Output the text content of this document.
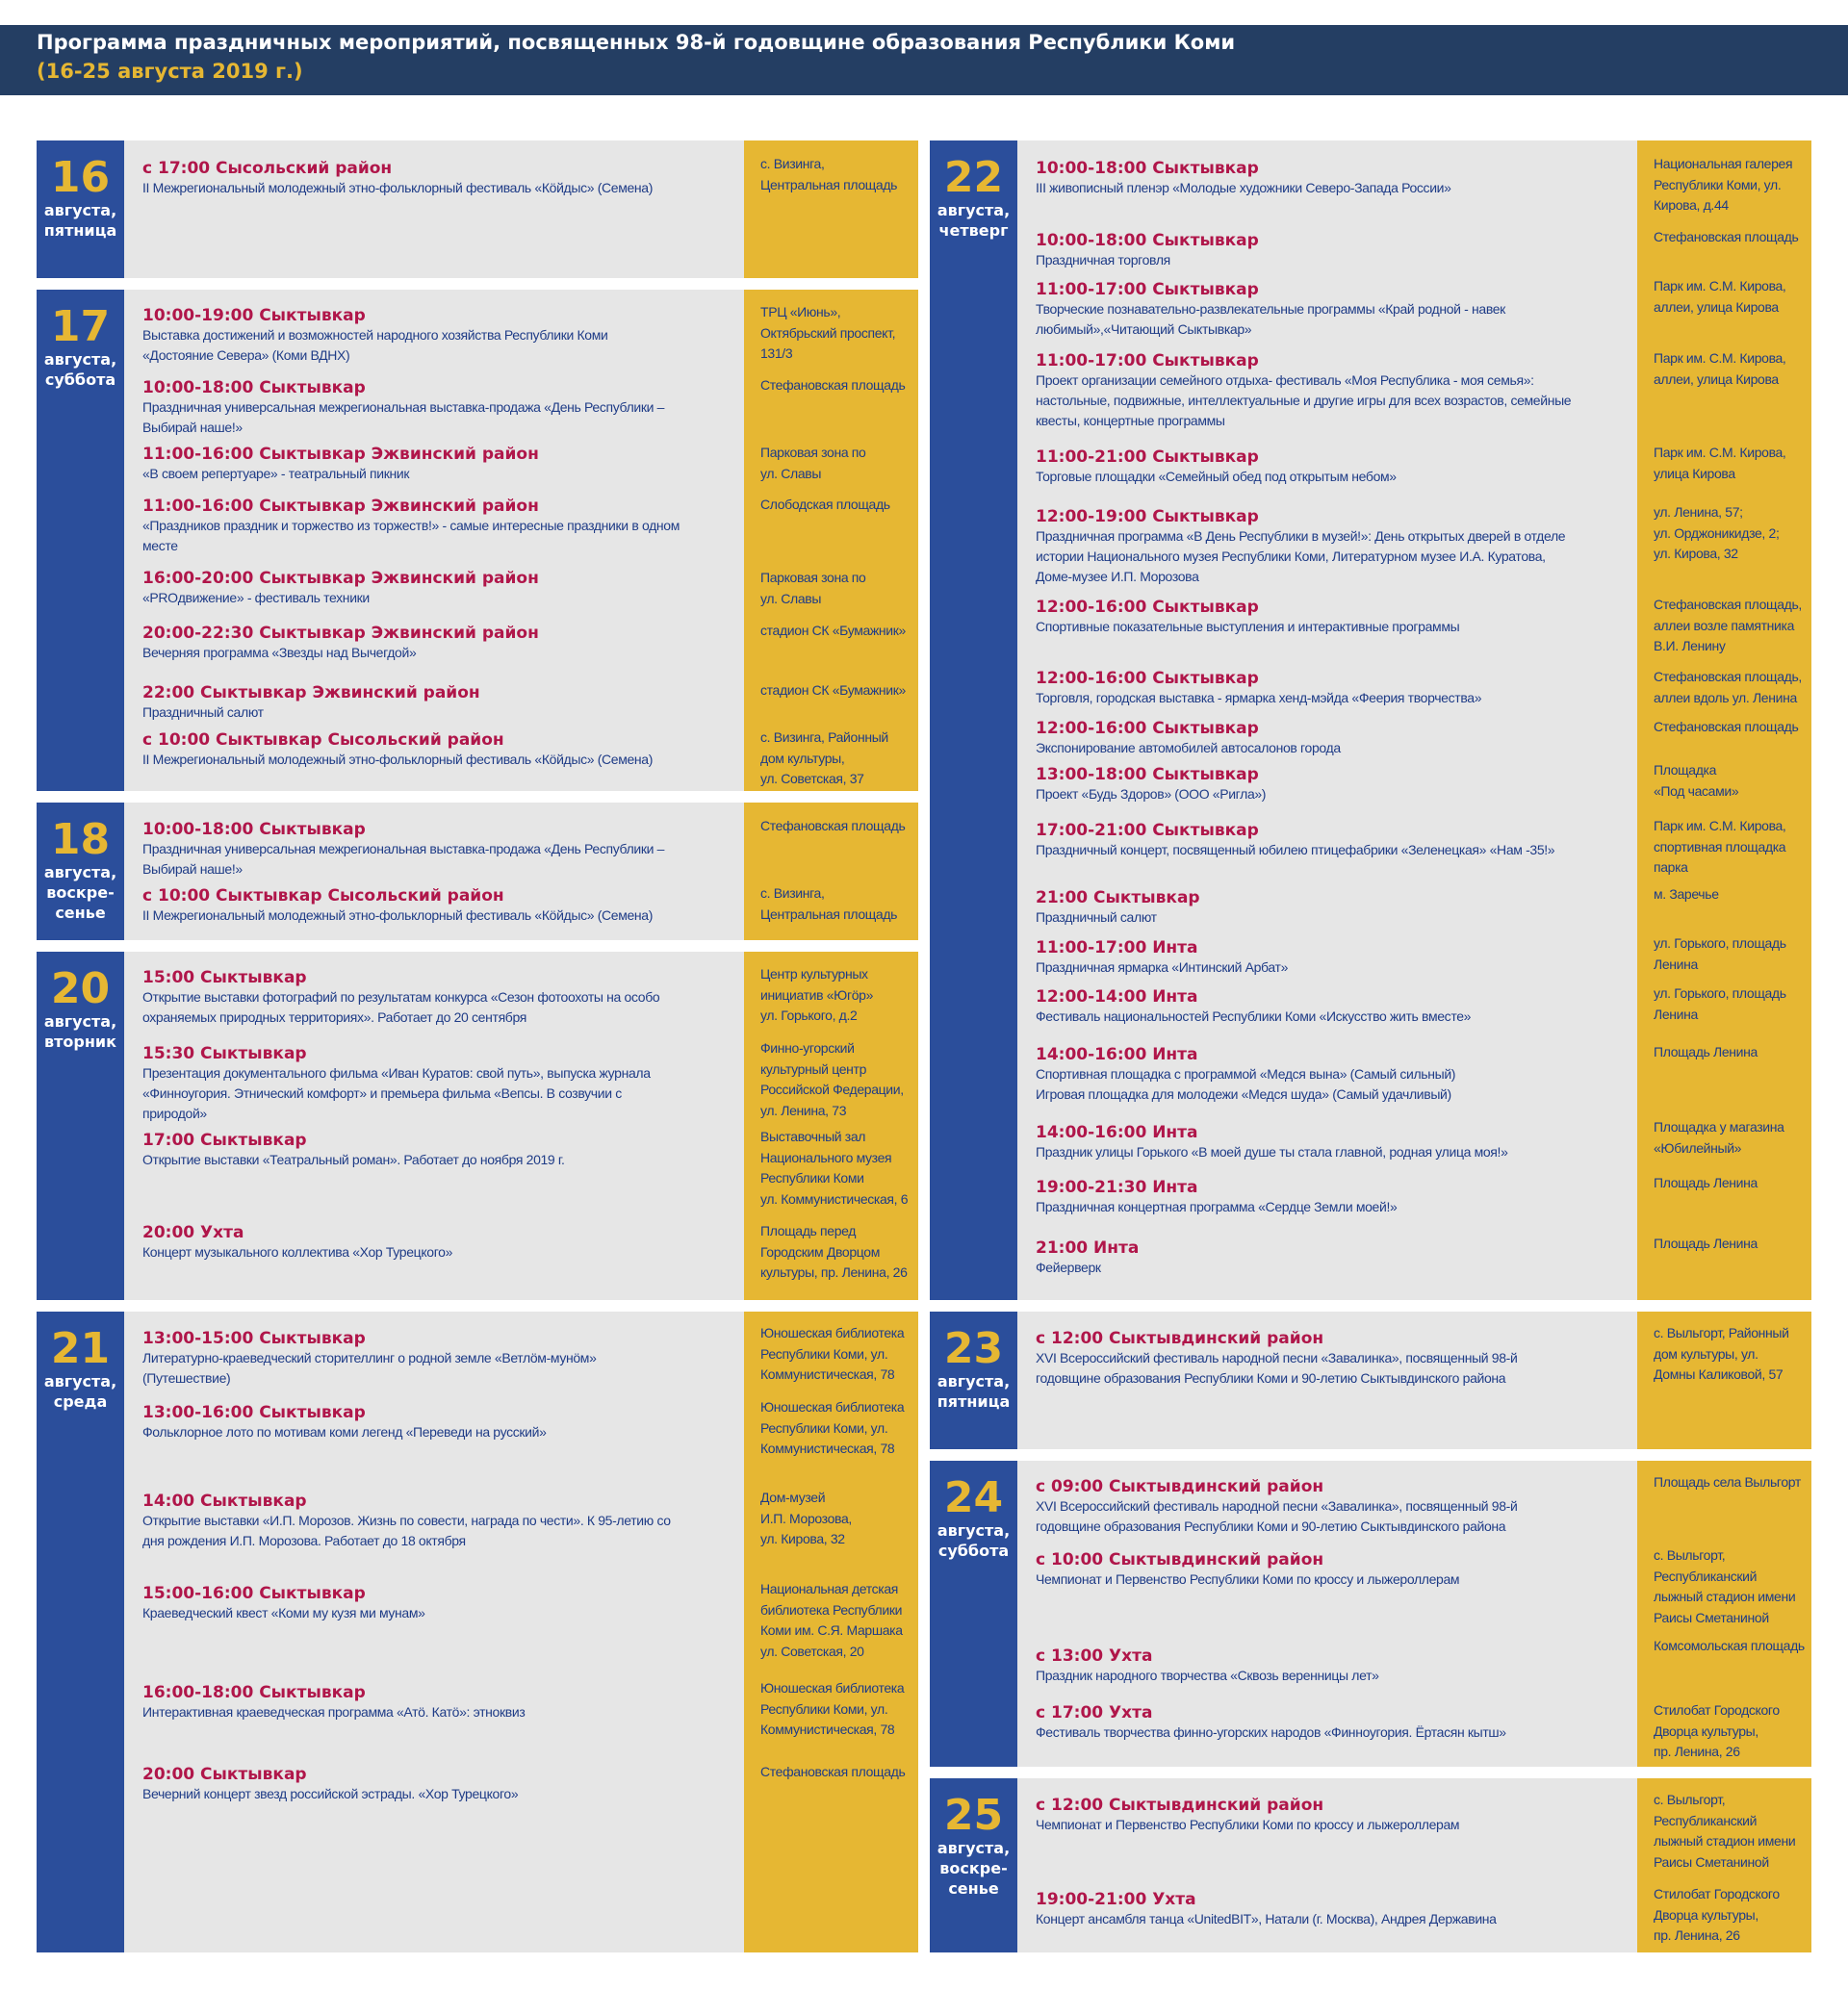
Программа праздничных мероприятий, посвященных 98-й годовщине образования Республики Коми
(16-25 августа 2019 г.)
16
августа,
пятница
с 17:00 Сысольский район
II Межрегиональный молодежный этно-фольклорный фестиваль «Кöйдыс» (Семена)
с. Визинга,
Центральная площадь
17
августа,
суббота
10:00-19:00 Сыктывкар
Выставка достижений и возможностей народного хозяйства Республики Коми «Достояние Севера» (Коми ВДНХ)
ТРЦ «Июнь»,
Октябрьский проспект,
131/3
10:00-18:00 Сыктывкар
Праздничная универсальная межрегиональная выставка-продажа «День Республики – Выбирай наше!»
Стефановская площадь
11:00-16:00 Сыктывкар Эжвинский район
«В своем репертуаре» - театральный пикник
Парковая зона по
ул. Славы
11:00-16:00 Сыктывкар Эжвинский район
«Праздников праздник и торжество из торжеств!» - самые интересные праздники в одном месте
Слободская площадь
16:00-20:00 Сыктывкар Эжвинский район
«PROдвижение» - фестиваль техники
Парковая зона по
ул. Славы
20:00-22:30 Сыктывкар Эжвинский район
Вечерняя программа «Звезды над Вычегдой»
стадион СК «Бумажник»
22:00 Сыктывкар Эжвинский район
Праздничный салют
стадион СК «Бумажник»
с 10:00 Сыктывкар Сысольский район
II Межрегиональный молодежный этно-фольклорный фестиваль «Кöйдыс» (Семена)
с. Визинга, Районный
дом культуры,
ул. Советская, 37
18
августа,
воскре-
сенье
10:00-18:00 Сыктывкар
Праздничная универсальная межрегиональная выставка-продажа «День Республики – Выбирай наше!»
Стефановская площадь
с 10:00 Сыктывкар Сысольский район
II Межрегиональный молодежный этно-фольклорный фестиваль «Кöйдыс» (Семена)
с. Визинга,
Центральная площадь
20
августа,
вторник
15:00 Сыктывкар
Открытие выставки фотографий по результатам конкурса «Сезон фотоохоты на особо охраняемых природных территориях». Работает до 20 сентября
Центр культурных
инициатив «Югöр»
ул. Горького, д.2
15:30 Сыктывкар
Презентация документального фильма «Иван Куратов: свой путь», выпуска журнала «Финноугория. Этнический комфорт» и премьера фильма «Вепсы. В созвучии с природой»
Финно-угорский
культурный центр
Российской Федерации,
ул. Ленина, 73
17:00 Сыктывкар
Открытие выставки «Театральный роман». Работает до ноября 2019 г.
Выставочный зал
Национального музея
Республики Коми
ул. Коммунистическая, 6
20:00 Ухта
Концерт музыкального коллектива «Хор Турецкого»
Площадь перед
Городским Дворцом
культуры, пр. Ленина, 26
21
августа,
среда
13:00-15:00 Сыктывкар
Литературно-краеведческий сторителлинг о родной земле «Ветлöм-мунöм» (Путешествие)
Юношеская библиотека
Республики Коми, ул.
Коммунистическая, 78
13:00-16:00 Сыктывкар
Фольклорное лото по мотивам коми легенд «Переведи на русский»
Юношеская библиотека
Республики Коми, ул.
Коммунистическая, 78
14:00 Сыктывкар
Открытие выставки «И.П. Морозов. Жизнь по совести, награда по чести». К 95-летию со дня рождения И.П. Морозова. Работает до 18 октября
Дом-музей
И.П. Морозова,
ул. Кирова, 32
15:00-16:00 Сыктывкар
Краеведческий квест «Коми му кузя ми мунам»
Национальная детская
библиотека Республики
Коми им. С.Я. Маршака
ул. Советская, 20
16:00-18:00 Сыктывкар
Интерактивная краеведческая программа «Атö. Катö»: этноквиз
Юношеская библиотека
Республики Коми, ул.
Коммунистическая, 78
20:00 Сыктывкар
Вечерний концерт звезд российской эстрады. «Хор Турецкого»
Стефановская площадь
22
августа,
четверг
10:00-18:00 Сыктывкар
III живописный пленэр «Молодые художники Северо-Запада России»
Национальная галерея
Республики Коми, ул.
Кирова, д.44
10:00-18:00 Сыктывкар
Праздничная торговля
Стефановская площадь
11:00-17:00 Сыктывкар
Творческие познавательно-развлекательные программы «Край родной - навек любимый»,«Читающий Сыктывкар»
Парк им. С.М. Кирова,
аллеи, улица Кирова
11:00-17:00 Сыктывкар
Проект организации семейного отдыха- фестиваль «Моя Республика - моя семья»: настольные, подвижные, интеллектуальные и другие игры для всех возрастов, семейные квесты, концертные программы
Парк им. С.М. Кирова,
аллеи, улица Кирова
11:00-21:00 Сыктывкар
Торговые площадки «Семейный обед под открытым небом»
Парк им. С.М. Кирова,
улица Кирова
12:00-19:00 Сыктывкар
Праздничная программа «В День Республики в музей!»: День открытых дверей в отделе истории Национального музея Республики Коми, Литературном музее И.А. Куратова, Доме-музее И.П. Морозова
ул. Ленина, 57;
ул. Орджоникидзе, 2;
ул. Кирова, 32
12:00-16:00 Сыктывкар
Спортивные показательные выступления и интерактивные программы
Стефановская площадь,
аллеи возле памятника
В.И. Ленину
12:00-16:00 Сыктывкар
Торговля, городская выставка - ярмарка хенд-мэйда «Феерия творчества»
Стефановская площадь,
аллеи вдоль ул. Ленина
12:00-16:00 Сыктывкар
Экспонирование автомобилей автосалонов города
Стефановская площадь
13:00-18:00 Сыктывкар
Проект «Будь Здоров» (ООО «Ригла»)
Площадка
«Под часами»
17:00-21:00 Сыктывкар
Праздничный концерт, посвященный юбилею птицефабрики «Зеленецкая» «Нам -35!»
Парк им. С.М. Кирова,
спортивная площадка
парка
21:00 Сыктывкар
Праздничный салют
м. Заречье
11:00-17:00 Инта
Праздничная ярмарка «Интинский Арбат»
ул. Горького, площадь
Ленина
12:00-14:00 Инта
Фестиваль национальностей Республики Коми «Искусство жить вместе»
ул. Горького, площадь
Ленина
14:00-16:00 Инта
Спортивная площадка с программой «Медся вына» (Самый сильный)
Игровая площадка для молодежи «Медся шуда» (Самый удачливый)
Площадь Ленина
14:00-16:00 Инта
Праздник улицы Горького «В моей душе ты стала главной, родная улица моя!»
Площадка у магазина
«Юбилейный»
19:00-21:30 Инта
Праздничная концертная программа «Сердце Земли моей!»
Площадь Ленина
21:00 Инта
Фейерверк
Площадь Ленина
23
августа,
пятница
с 12:00 Сыктывдинский район
XVI Всероссийский фестиваль народной песни «Завалинка», посвященный 98-й годовщине образования Республики Коми и 90-летию Сыктывдинского района
с. Выльгорт, Районный
дом культуры, ул.
Домны Каликовой, 57
24
августа,
суббота
с 09:00 Сыктывдинский район
XVI Всероссийский фестиваль народной песни «Завалинка», посвященный 98-й годовщине образования Республики Коми и 90-летию Сыктывдинского района
Площадь села Выльгорт
с 10:00 Сыктывдинский район
Чемпионат и Первенство Республики Коми по кроссу и лыжероллерам
с. Выльгорт,
Республиканский
лыжный стадион имени
Раисы Сметаниной
с 13:00 Ухта
Праздник народного творчества «Сквозь веренницы лет»
Комсомольская площадь
с 17:00 Ухта
Фестиваль творчества финно-угорских народов «Финноугория. Ёртасян кытш»
Стилобат Городского
Дворца культуры,
пр. Ленина, 26
25
августа,
воскре-
сенье
с 12:00 Сыктывдинский район
Чемпионат и Первенство Республики Коми по кроссу и лыжероллерам
с. Выльгорт,
Республиканский
лыжный стадион имени
Раисы Сметаниной
19:00-21:00 Ухта
Концерт ансамбля танца «UnitedBIT», Натали (г. Москва), Андрея Державина
Стилобат Городского
Дворца культуры,
пр. Ленина, 26
